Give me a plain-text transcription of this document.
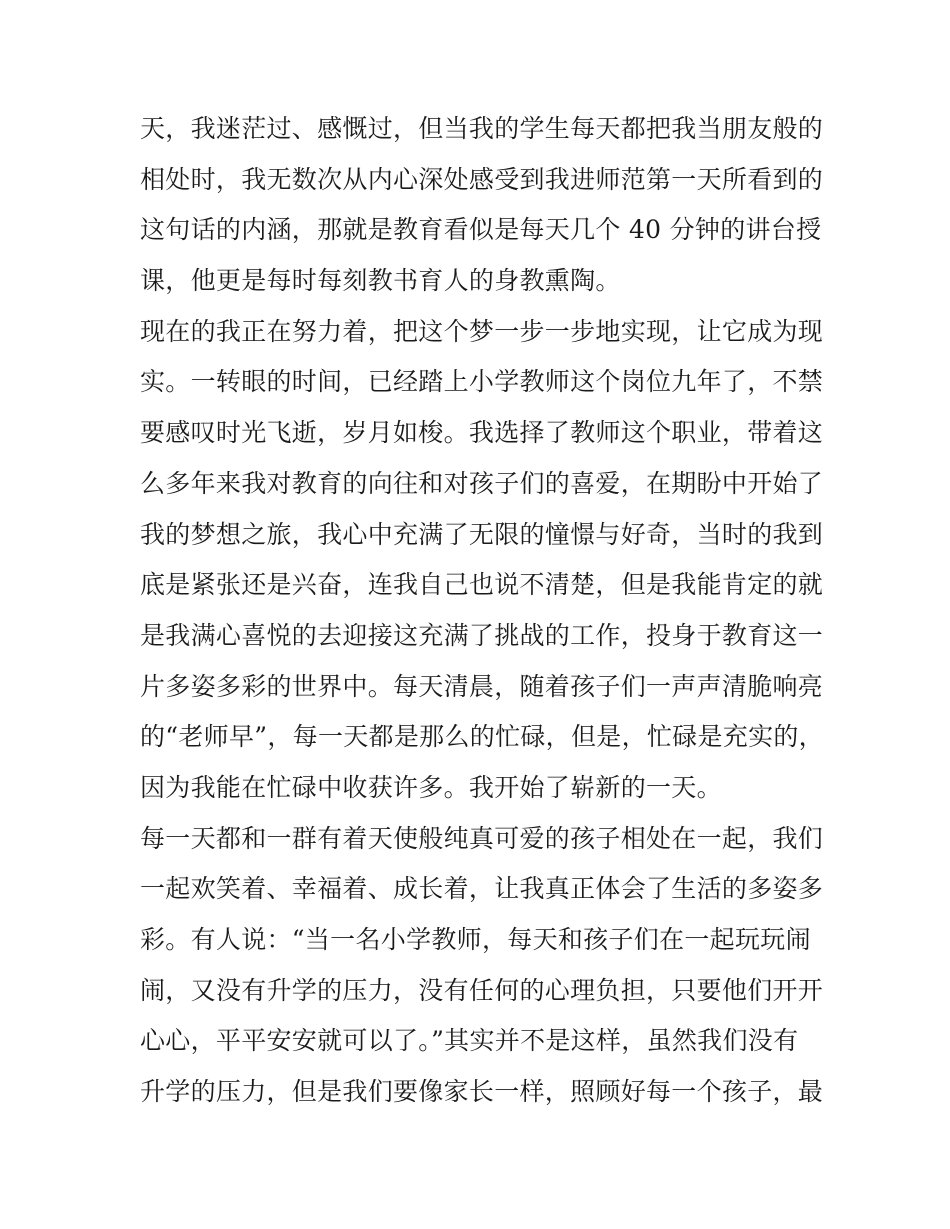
天，我迷茫过、感慨过，但当我的学生每天都把我当朋友般的
相处时，我无数次从内心深处感受到我进师范第一天所看到的
这句话的内涵，那就是教育看似是每天几个 40 分钟的讲台授
课，他更是每时每刻教书育人的身教熏陶。
现在的我正在努力着，把这个梦一步一步地实现，让它成为现
实。一转眼的时间，已经踏上小学教师这个岗位九年了，不禁
要感叹时光飞逝，岁月如梭。我选择了教师这个职业，带着这
么多年来我对教育的向往和对孩子们的喜爱，在期盼中开始了
我的梦想之旅，我心中充满了无限的憧憬与好奇，当时的我到
底是紧张还是兴奋，连我自己也说不清楚，但是我能肯定的就
是我满心喜悦的去迎接这充满了挑战的工作，投身于教育这一
片多姿多彩的世界中。每天清晨，随着孩子们一声声清脆响亮
的“老师早”，每一天都是那么的忙碌，但是，忙碌是充实的，
因为我能在忙碌中收获许多。我开始了崭新的一天。
每一天都和一群有着天使般纯真可爱的孩子相处在一起，我们
一起欢笑着、幸福着、成长着，让我真正体会了生活的多姿多
彩。有人说：“当一名小学教师，每天和孩子们在一起玩玩闹
闹，又没有升学的压力，没有任何的心理负担，只要他们开开
心心，平平安安就可以了。”其实并不是这样，虽然我们没有
升学的压力，但是我们要像家长一样，照顾好每一个孩子，最
